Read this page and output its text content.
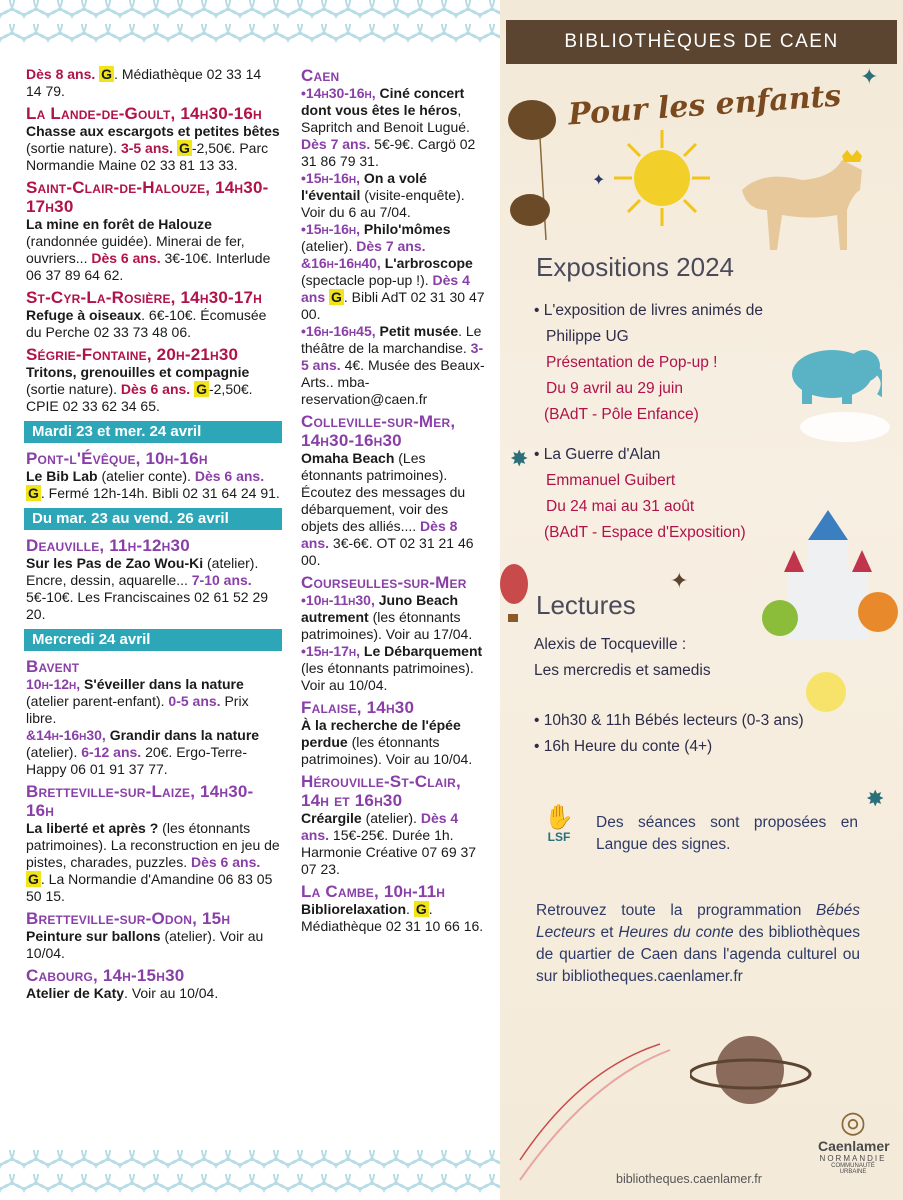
Dès 8 ans. G . Médiathèque 02 33 14 14 79.
La Lande-de-Goult, 14h30-16h
Chasse aux escargots et petites bêtes (sortie nature). 3-5 ans. G -2,50€. Parc Normandie Maine 02 33 81 13 33.
Saint-Clair-de-Halouze, 14h30-17h30
La mine en forêt de Halouze (randonnée guidée). Minerai de fer, ouvriers... Dès 6 ans. 3€-10€. Interlude 06 37 89 64 62.
St-Cyr-La-Rosière, 14h30-17h
Refuge à oiseaux. 6€-10€. Écomusée du Perche 02 33 73 48 06.
Ségrie-Fontaine, 20h-21h30
Tritons, grenouilles et compagnie (sortie nature). Dès 6 ans. G -2,50€. CPIE 02 33 62 34 65.
Mardi 23 et mer. 24 avril
Pont-l'Évêque, 10h-16h
Le Bib Lab (atelier conte). Dès 6 ans. G . Fermé 12h-14h. Bibli 02 31 64 24 91.
Du mar. 23 au vend. 26 avril
Deauville, 11h-12h30
Sur les Pas de Zao Wou-Ki (atelier). Encre, dessin, aquarelle... 7-10 ans. 5€-10€. Les Franciscaines 02 61 52 29 20.
Mercredi 24 avril
Bavent
10h-12h, S'éveiller dans la nature (atelier parent-enfant). 0-5 ans. Prix libre.
&14h-16h30, Grandir dans la nature (atelier). 6-12 ans. 20€. Ergo-Terre-Happy 06 01 91 37 77.
Bretteville-sur-Laize, 14h30-16h
La liberté et après ? (les étonnants patrimoines). La reconstruction en jeu de pistes, charades, puzzles. Dès 6 ans. G . La Normandie d'Amandine 06 83 05 50 15.
Bretteville-sur-Odon, 15h
Peinture sur ballons (atelier). Voir au 10/04.
Cabourg, 14h-15h30
Atelier de Katy. Voir au 10/04.
Caen
•14h30-16h, Ciné concert dont vous êtes le héros, Sapritch and Benoit Lugué. Dès 7 ans. 5€-9€. Cargö 02 31 86 79 31.
•15h-16h, On a volé l'éventail (visite-enquête). Voir du 6 au 7/04.
•15h-16h, Philo'mômes (atelier). Dès 7 ans.
&16h-16h40, L'arbroscope (spectacle pop-up !). Dès 4 ans G . Bibli AdT 02 31 30 47 00.
•16h-16h45, Petit musée. Le théâtre de la marchandise. 3-5 ans. 4€. Musée des Beaux-Arts.. mba-reservation@caen.fr
Colleville-sur-Mer, 14h30-16h30
Omaha Beach (Les étonnants patrimoines). Écoutez des messages du débarquement, voir des objets des alliés.... Dès 8 ans. 3€-6€. OT 02 31 21 46 00.
Courseulles-sur-Mer
•10h-11h30, Juno Beach autrement (les étonnants patrimoines). Voir au 17/04.
•15h-17h, Le Débarquement (les étonnants patrimoines). Voir au 10/04.
Falaise, 14h30
À la recherche de l'épée perdue (les étonnants patrimoines). Voir au 10/04.
Hérouville-St-Clair, 14h et 16h30
Créargile (atelier). Dès 4 ans. 15€-25€. Durée 1h. Harmonie Créative 07 69 37 07 23.
La Cambe, 10h-11h
Bibliorelaxation. G . Médiathèque 02 31 10 66 16.
BIBLIOTHÈQUES DE CAEN
Pour les enfants
✦
✦
Expositions 2024
• L'exposition de livres animés de
Philippe UG
Présentation de Pop-up !
Du 9 avril au 29 juin
(BAdT - Pôle Enfance)
✸ • La Guerre d'Alan
Emmanuel Guibert
Du 24 mai au 31 août
(BAdT - Espace d'Exposition)
✦
Lectures
Alexis de Tocqueville :
Les mercredis et samedis
• 10h30 & 11h Bébés lecteurs (0-3 ans)
• 16h Heure du conte (4+)
✸
✋
LSF
Des séances sont proposées en Langue des signes.
Retrouvez toute la programmation Bébés Lecteurs et Heures du conte des bibliothèques de quartier de Caen dans l'agenda culturel ou sur bibliotheques.caenlamer.fr
bibliotheques.caenlamer.fr
◎
Caenlamer
NORMANDIE
COMMUNAUTÉ URBAINE
